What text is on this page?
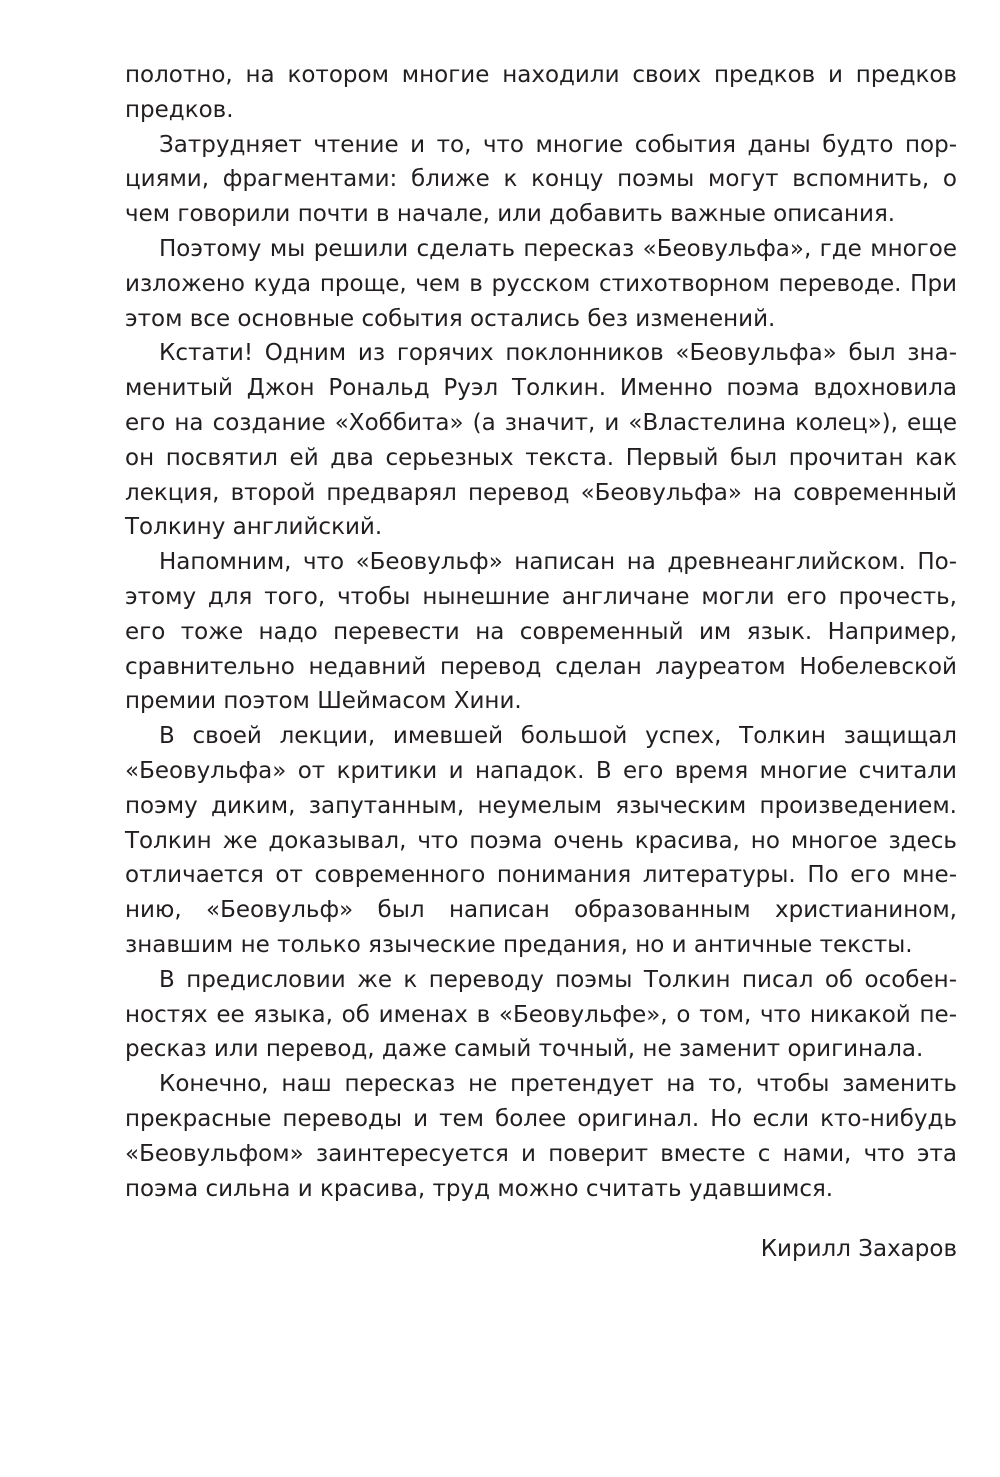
полотно, на котором многие находили своих предков и предков предков.

Затрудняет чтение и то, что многие события даны будто порциями, фрагментами: ближе к концу поэмы могут вспомнить, о чем говорили почти в начале, или добавить важные описания.

Поэтому мы решили сделать пересказ «Беовульфа», где многое изложено куда проще, чем в русском стихотворном переводе. При этом все основные события остались без изменений.

Кстати! Одним из горячих поклонников «Беовульфа» был знаменитый Джон Рональд Руэл Толкин. Именно поэма вдохновила его на создание «Хоббита» (а значит, и «Властелина колец»), еще он посвятил ей два серьезных текста. Первый был прочитан как лекция, второй предварял перевод «Беовульфа» на современный Толкину английский.

Напомним, что «Беовульф» написан на древнеанглийском. Поэтому для того, чтобы нынешние англичане могли его прочесть, его тоже надо перевести на современный им язык. Например, сравнительно недавний перевод сделан лауреатом Нобелевской премии поэтом Шеймасом Хини.

В своей лекции, имевшей большой успех, Толкин защищал «Беовульфа» от критики и нападок. В его время многие считали поэму диким, запутанным, неумелым языческим произведением. Толкин же доказывал, что поэма очень красива, но многое здесь отличается от современного понимания литературы. По его мнению, «Беовульф» был написан образованным христианином, знавшим не только языческие предания, но и античные тексты.

В предисловии же к переводу поэмы Толкин писал об особенностях ее языка, об именах в «Беовульфе», о том, что никакой пересказ или перевод, даже самый точный, не заменит оригинала.

Конечно, наш пересказ не претендует на то, чтобы заменить прекрасные переводы и тем более оригинал. Но если кто-нибудь «Беовульфом» заинтересуется и поверит вместе с нами, что эта поэма сильна и красива, труд можно считать удавшимся.

Кирилл Захаров
